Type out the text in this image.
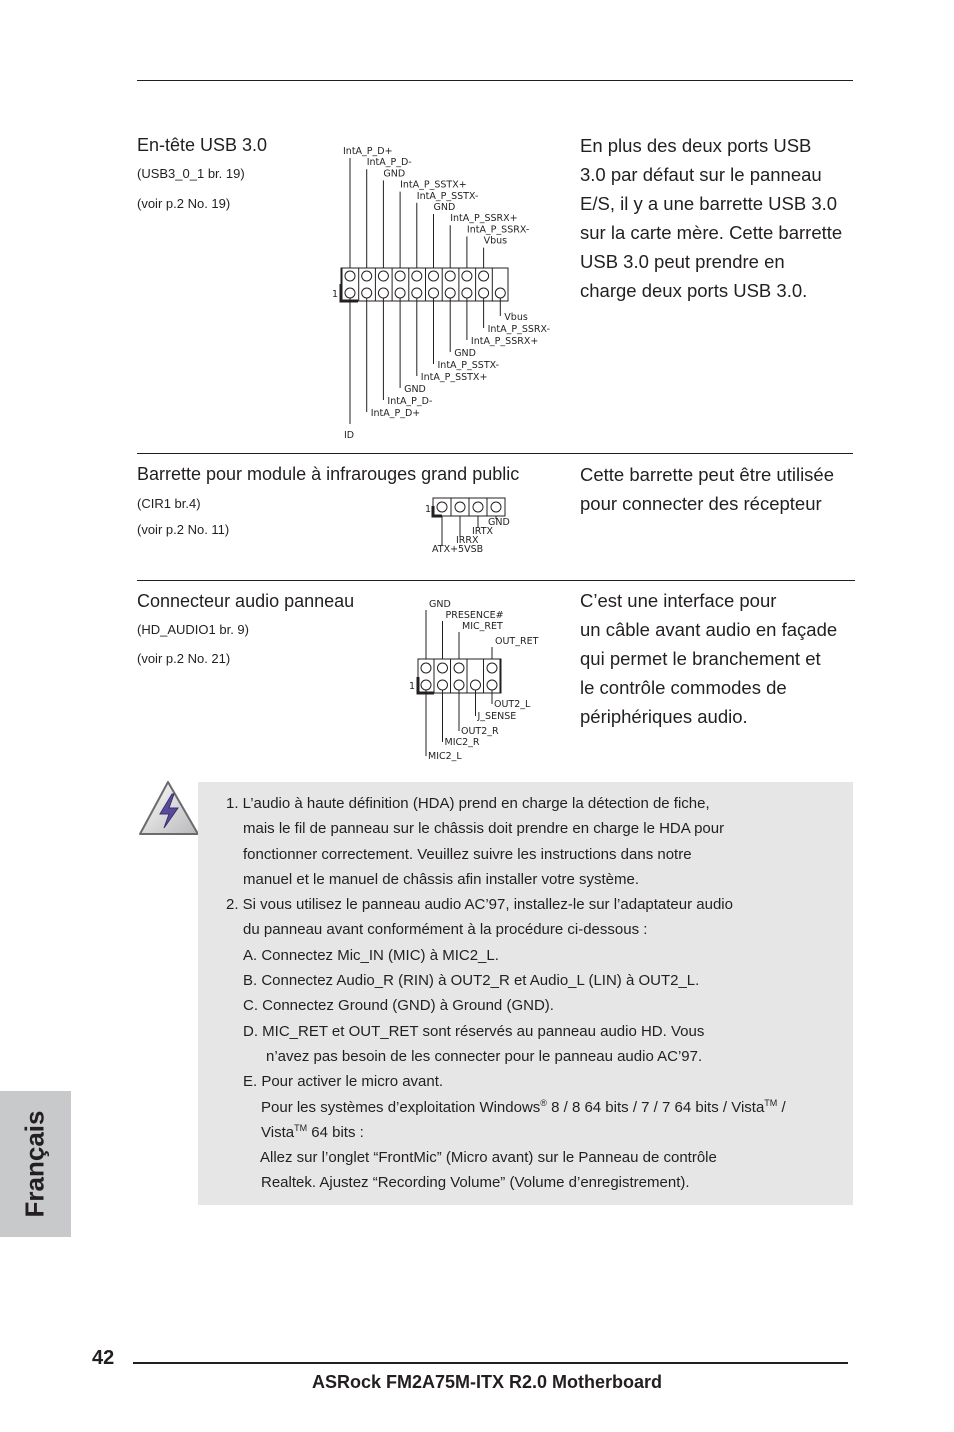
En-tête USB 3.0
(USB3_0_1 br. 19)
(voir p.2 No. 19)
IntA_P_D+
IntA_P_D-
GND
IntA_P_SSTX+
IntA_P_SSTX-
GND
IntA_P_SSRX+
IntA_P_SSRX-
Vbus
1
Vbus
IntA_P_SSRX-
IntA_P_SSRX+
GND
IntA_P_SSTX-
IntA_P_SSTX+
GND
IntA_P_D-
IntA_P_D+
ID
En plus des deux ports USB
3.0 par défaut sur le panneau
E/S, il y a une barrette USB 3.0
sur la carte mère. Cette barrette
USB 3.0 peut prendre en
charge deux ports USB 3.0.
Barrette pour module à infrarouges grand public
(CIR1 br.4)
(voir p.2 No. 11)
1
GND
IRTX
IRRX
ATX+5VSB
Cette barrette peut être utilisée
pour connecter des récepteur
Connecteur audio panneau
(HD_AUDIO1 br. 9)
(voir p.2 No. 21)
GND
PRESENCE#
MIC_RET
OUT_RET
1
OUT2_L
J_SENSE
OUT2_R
MIC2_R
MIC2_L
C’est une interface pour
un câble avant audio en façade
qui permet le branchement et
le contrôle commodes de
périphériques audio.
1. L’audio à haute définition (HDA) prend en charge la détection de fiche,
mais le fil de panneau sur le châssis doit prendre en charge le HDA pour
fonctionner correctement. Veuillez suivre les instructions dans notre
manuel et le manuel de châssis afin installer votre système.
2. Si vous utilisez le panneau audio AC’97, installez-le sur l’adaptateur audio
du panneau avant conformément à la procédure ci-dessous :
A. Connectez Mic_IN (MIC) à MIC2_L.
B. Connectez Audio_R (RIN) à OUT2_R et Audio_L (LIN) à OUT2_L.
C. Connectez Ground (GND) à Ground (GND).
D. MIC_RET et OUT_RET sont réservés au panneau audio HD. Vous
n’avez pas besoin de les connecter pour le panneau audio AC’97.
E. Pour activer le micro avant.
Pour les systèmes d’exploitation Windows® 8 / 8 64 bits / 7 / 7 64 bits / Vista™ /
Vista™ 64 bits :
Allez sur l’onglet “FrontMic” (Micro avant) sur le Panneau de contrôle
Realtek. Ajustez “Recording Volume” (Volume d’enregistrement).
Français
42
ASRock FM2A75M-ITX R2.0 Motherboard
